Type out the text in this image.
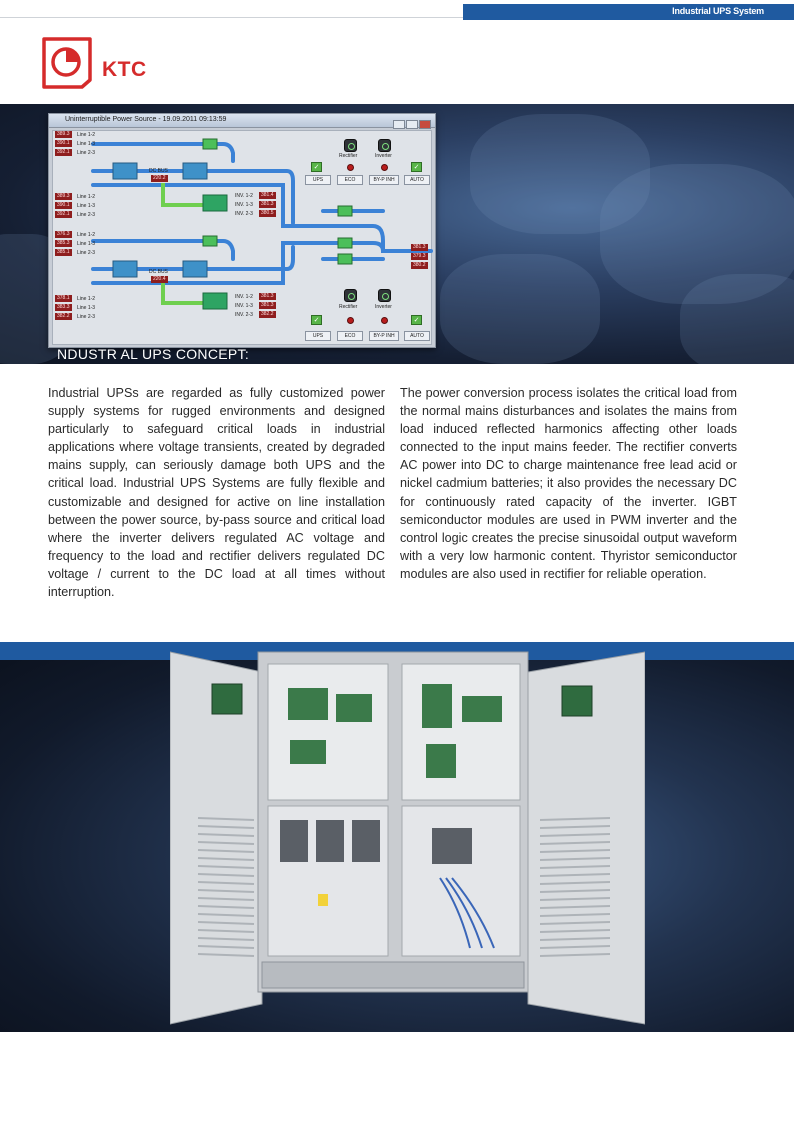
Industrial UPS System
KTC
Uninterruptible Power Source - 19.09.2011 09:13:59
389.3	Line 1-2
390.1	Line 1-3
392.1	Line 2-3
389.3	Line 1-2
390.1	Line 1-3
392.1	Line 2-3
DC BUS
220.2
INV. 1-2	381.4
INV. 1-3	381.3
INV. 2-3	380.5
Rectifier	Inverter
✓	✓
UPS	ECO	BY-P INH	AUTO
381.3
379.3
380.2
376.3	Line 1-2
385.3	Line 1-3
385.1	Line 2-3
378.1	Line 1-2
383.3	Line 1-3
382.2	Line 2-3
DC BUS
220.4
INV. 1-2	381.3
INV. 1-3	381.3
INV. 2-3	382.2
Rectifier	Inverter
✓	✓
UPS	ECO	BY-P INH	AUTO
NDUSTR AL UPS CONCEPT:

Industrial UPSs are regarded as fully customized power supply systems for rugged environments and designed particularly to safeguard critical loads in industrial applications where voltage transients, created by degraded mains supply, can seriously damage both UPS and the critical load. Industrial UPS Systems are fully flexible and customizable and designed for active on line installation between the power source, by-pass source and critical load where the inverter delivers regulated AC voltage and frequency to the load and rectifier delivers regulated DC voltage / current to the DC load at all times without interruption.

The power conversion process isolates the critical load from the normal mains disturbances and isolates the mains from load induced reflected harmonics affecting other loads connected to the input mains feeder. The rectifier converts AC power into DC to charge maintenance free lead acid or nickel cadmium batteries; it also provides the necessary DC for continuously rated capacity of the inverter. IGBT semiconductor modules are used in PWM inverter and the control logic creates the precise sinusoidal output waveform with a very low harmonic content. Thyristor semiconductor modules are also used in rectifier for reliable operation.
